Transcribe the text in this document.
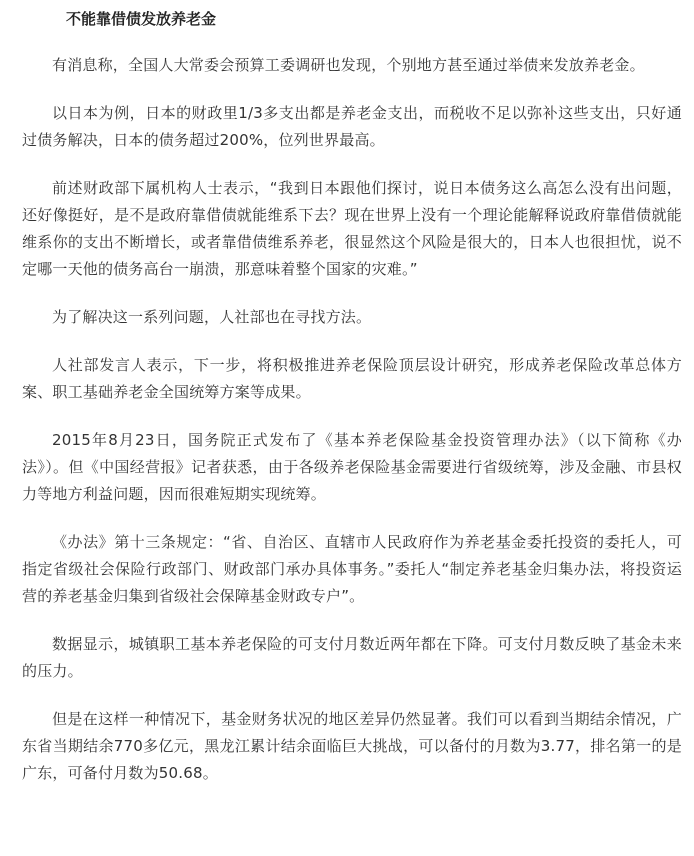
不能靠借债发放养老金

有消息称，全国人大常委会预算工委调研也发现，个别地方甚至通过举债来发放养老金。

以日本为例，日本的财政里1/3多支出都是养老金支出，而税收不足以弥补这些支出，只好通过债务解决，日本的债务超过200%，位列世界最高。

前述财政部下属机构人士表示，“我到日本跟他们探讨，说日本债务这么高怎么没有出问题，还好像挺好，是不是政府靠借债就能维系下去？现在世界上没有一个理论能解释说政府靠借债就能维系你的支出不断增长，或者靠借债维系养老，很显然这个风险是很大的，日本人也很担忧，说不定哪一天他的债务高台一崩溃，那意味着整个国家的灾难。”

为了解决这一系列问题，人社部也在寻找方法。

人社部发言人表示，下一步，将积极推进养老保险顶层设计研究，形成养老保险改革总体方案、职工基础养老金全国统筹方案等成果。

2015年8月23日，国务院正式发布了《基本养老保险基金投资管理办法》（以下简称《办法》）。但《中国经营报》记者获悉，由于各级养老保险基金需要进行省级统筹，涉及金融、市县权力等地方利益问题，因而很难短期实现统筹。

《办法》第十三条规定：“省、自治区、直辖市人民政府作为养老基金委托投资的委托人，可指定省级社会保险行政部门、财政部门承办具体事务。”委托人“制定养老基金归集办法，将投资运营的养老基金归集到省级社会保障基金财政专户”。

数据显示，城镇职工基本养老保险的可支付月数近两年都在下降。可支付月数反映了基金未来的压力。

但是在这样一种情况下，基金财务状况的地区差异仍然显著。我们可以看到当期结余情况，广东省当期结余770多亿元，黑龙江累计结余面临巨大挑战，可以备付的月数为3.77，排名第一的是广东，可备付月数为50.68。
